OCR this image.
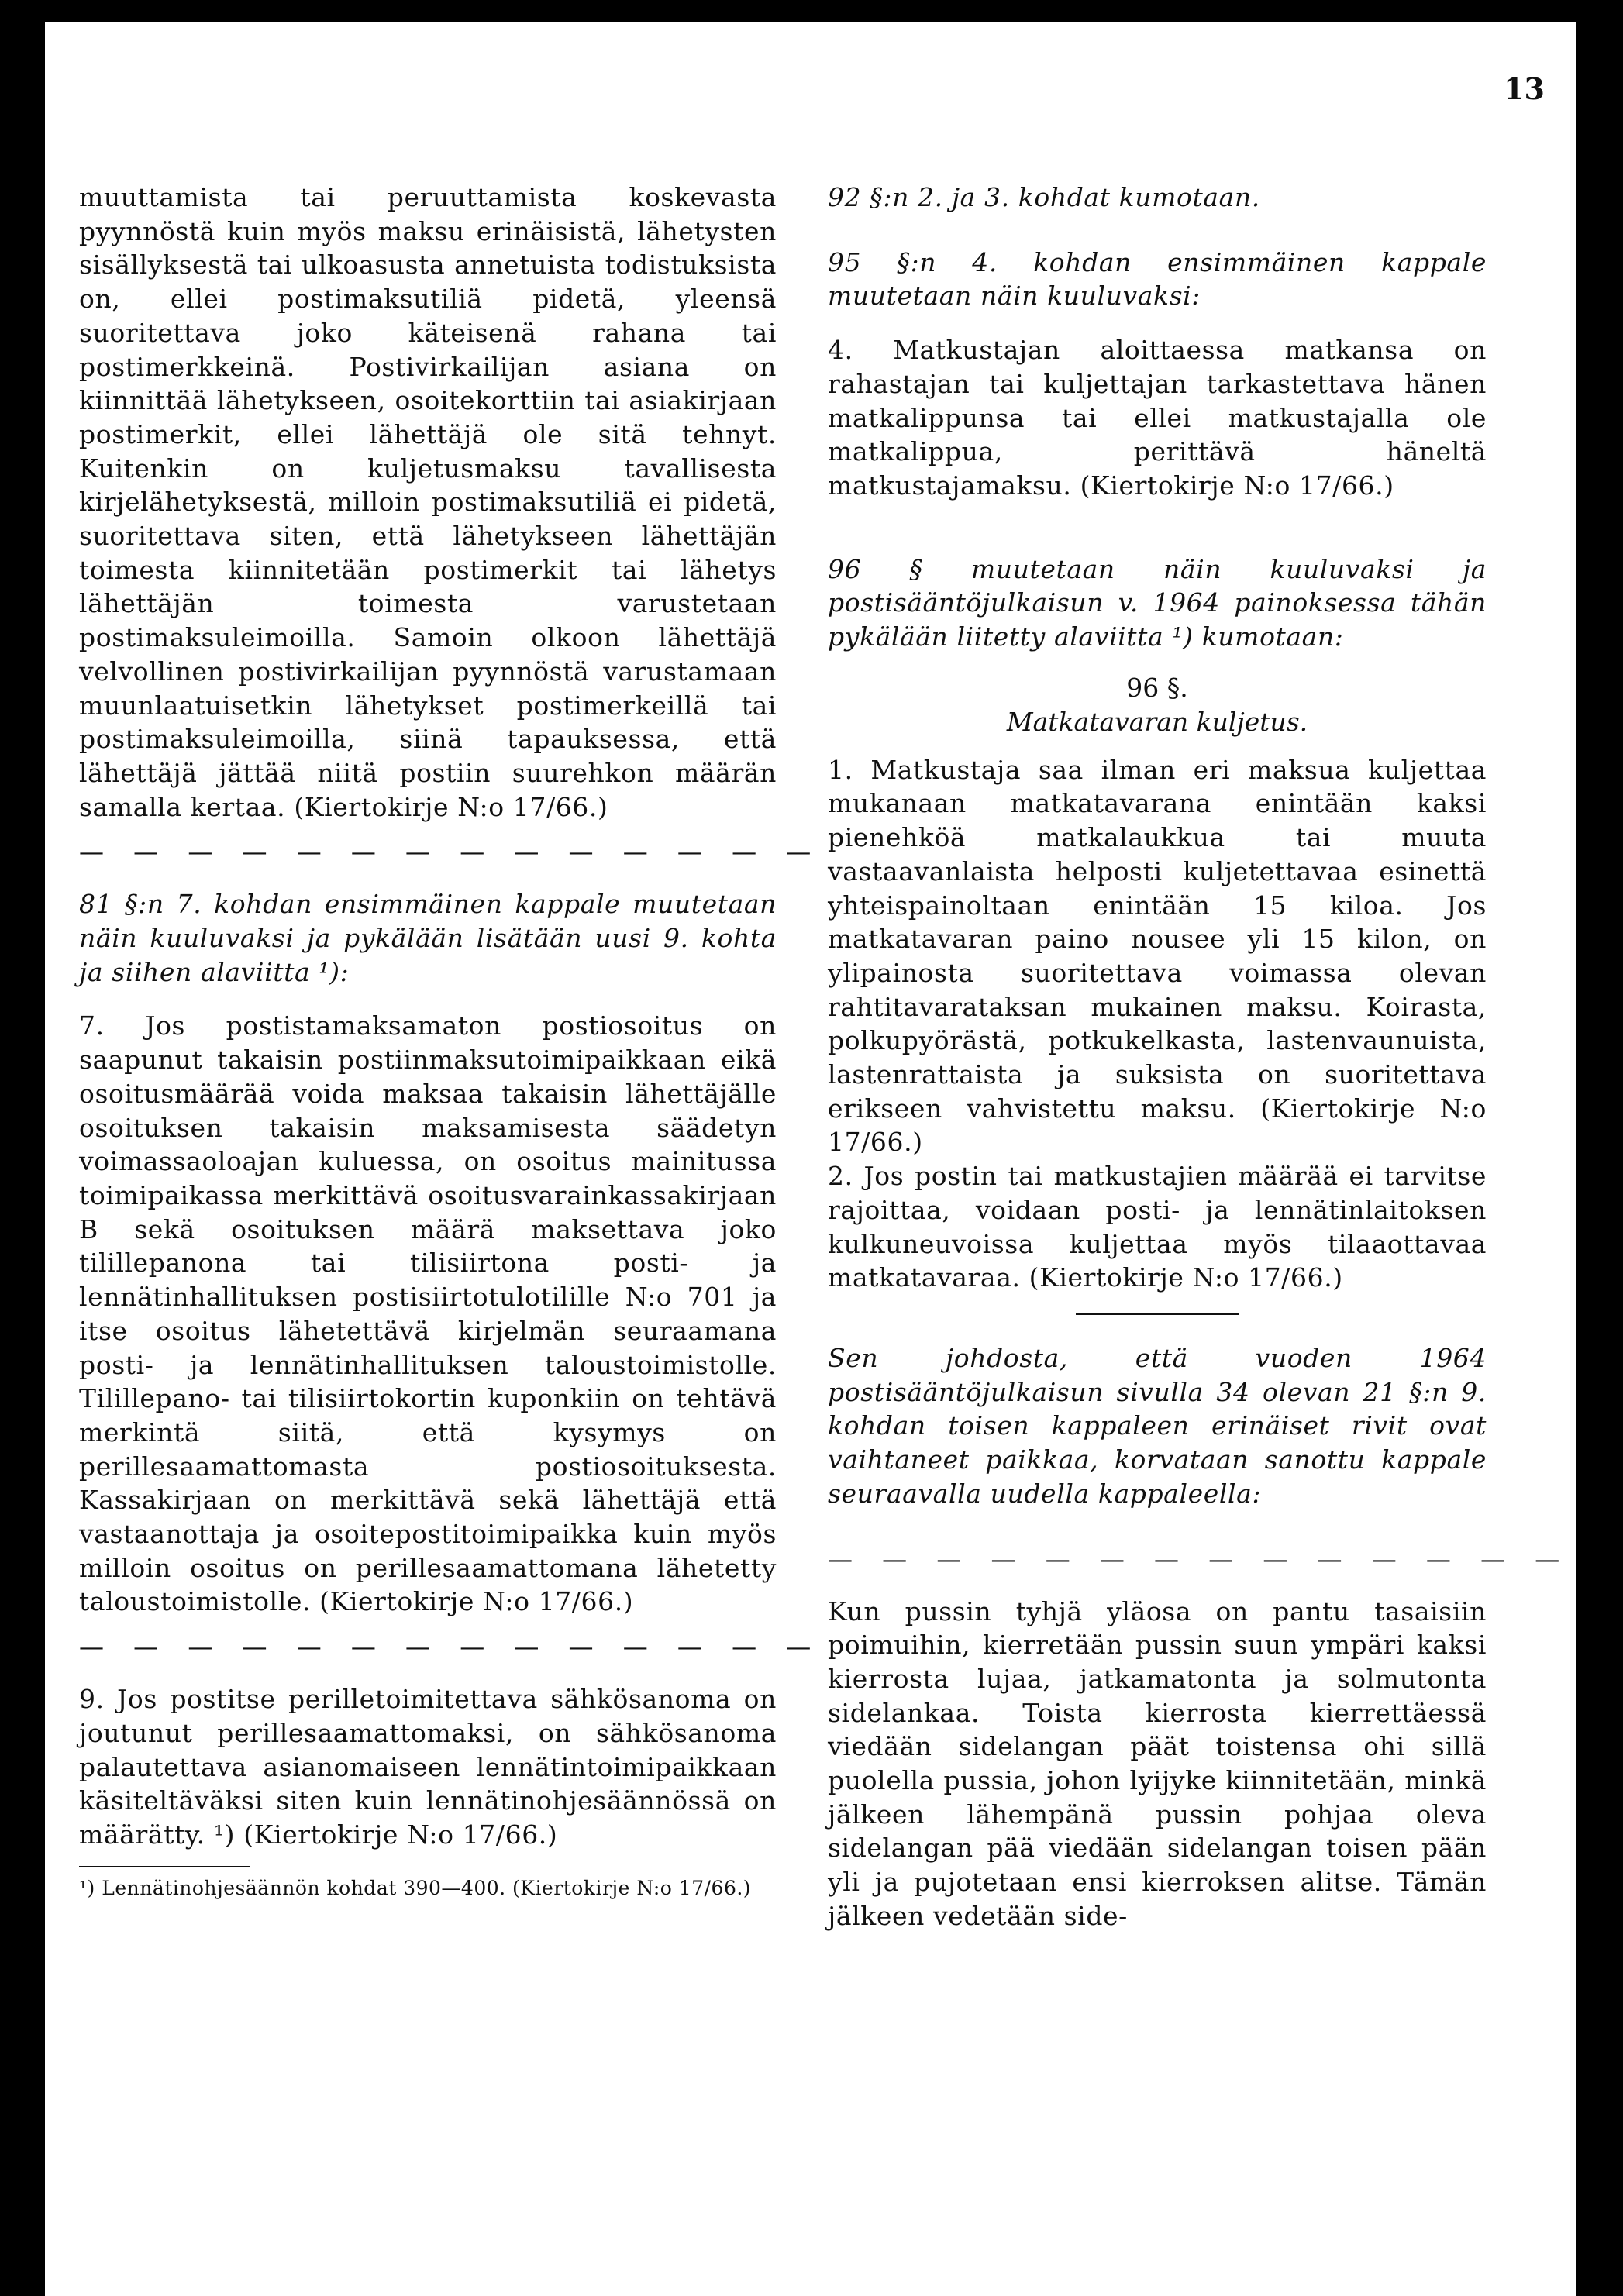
13

muuttamista tai peruuttamista koskevasta pyynnöstä kuin myös maksu erinäisistä, lähetysten sisällyksestä tai ulkoasusta annetuista todistuksista on, ellei postimaksutiliä pidetä, yleensä suoritettava joko käteisenä rahana tai postimerkkeinä. Postivirkailijan asiana on kiinnittää lähetykseen, osoitekorttiin tai asiakirjaan postimerkit, ellei lähettäjä ole sitä tehnyt. Kuitenkin on kuljetusmaksu tavallisesta kirjelähetyksestä, milloin postimaksutiliä ei pidetä, suoritettava siten, että lähetykseen lähettäjän toimesta kiinnitetään postimerkit tai lähetys lähettäjän toimesta varustetaan postimaksuleimoilla. Samoin olkoon lähettäjä velvollinen postivirkailijan pyynnöstä varustamaan muunlaatuisetkin lähetykset postimerkeillä tai postimaksuleimoilla, siinä tapauksessa, että lähettäjä jättää niitä postiin suurehkon määrän samalla kertaa. (Kiertokirje N:o 17/66.)

— — — — — — — — — — — — — —

81 §:n 7. kohdan ensimmäinen kappale muutetaan näin kuuluvaksi ja pykälään lisätään uusi 9. kohta ja siihen alaviitta ¹):

7. Jos postistamaksamaton postiosoitus on saapunut takaisin postiinmaksutoimipaikkaan eikä osoitusmäärää voida maksaa takaisin lähettäjälle osoituksen takaisin maksamisesta säädetyn voimassaoloajan kuluessa, on osoitus mainitussa toimipaikassa merkittävä osoitusvarainkassakirjaan B sekä osoituksen määrä maksettava joko tilillepanona tai tilisiirtona posti- ja lennätinhallituksen postisiirtotulotilille N:o 701 ja itse osoitus lähetettävä kirjelmän seuraamana posti- ja lennätinhallituksen taloustoimistolle. Tilillepano- tai tilisiirtokortin kuponkiin on tehtävä merkintä siitä, että kysymys on perillesaamattomasta postiosoituksesta. Kassakirjaan on merkittävä sekä lähettäjä että vastaanottaja ja osoitepostitoimipaikka kuin myös milloin osoitus on perillesaamattomana lähetetty taloustoimistolle. (Kiertokirje N:o 17/66.)

— — — — — — — — — — — — — —

9. Jos postitse perilletoimitettava sähkösanoma on joutunut perillesaamattomaksi, on sähkösanoma palautettava asianomaiseen lennätintoimipaikkaan käsiteltäväksi siten kuin lennätinohjesäännössä on määrätty. ¹) (Kiertokirje N:o 17/66.)

¹) Lennätinohjesäännön kohdat 390—400. (Kiertokirje N:o 17/66.)

92 §:n 2. ja 3. kohdat kumotaan.

95 §:n 4. kohdan ensimmäinen kappale muutetaan näin kuuluvaksi:

4. Matkustajan aloittaessa matkansa on rahastajan tai kuljettajan tarkastettava hänen matkalippunsa tai ellei matkustajalla ole matkalippua, perittävä häneltä matkustajamaksu. (Kiertokirje N:o 17/66.)

96 § muutetaan näin kuuluvaksi ja postisääntöjulkaisun v. 1964 painoksessa tähän pykälään liitetty alaviitta ¹) kumotaan:

96 §.

Matkatavaran kuljetus.

1. Matkustaja saa ilman eri maksua kuljettaa mukanaan matkatavarana enintään kaksi pienehköä matkalaukkua tai muuta vastaavanlaista helposti kuljetettavaa esinettä yhteispainoltaan enintään 15 kiloa. Jos matkatavaran paino nousee yli 15 kilon, on ylipainosta suoritettava voimassa olevan rahtitavarataksan mukainen maksu. Koirasta, polkupyörästä, potkukelkasta, lastenvaunuista, lastenrattaista ja suksista on suoritettava erikseen vahvistettu maksu. (Kiertokirje N:o 17/66.)

2. Jos postin tai matkustajien määrää ei tarvitse rajoittaa, voidaan posti- ja lennätinlaitoksen kulkuneuvoissa kuljettaa myös tilaaottavaa matkatavaraa. (Kiertokirje N:o 17/66.)

Sen johdosta, että vuoden 1964 postisääntöjulkaisun sivulla 34 olevan 21 §:n 9. kohdan toisen kappaleen erinäiset rivit ovat vaihtaneet paikkaa, korvataan sanottu kappale seuraavalla uudella kappaleella:

— — — — — — — — — — — — — —

Kun pussin tyhjä yläosa on pantu tasaisiin poimuihin, kierretään pussin suun ympäri kaksi kierrosta lujaa, jatkamatonta ja solmutonta sidelankaa. Toista kierrosta kierrettäessä viedään sidelangan päät toistensa ohi sillä puolella pussia, johon lyijyke kiinnitetään, minkä jälkeen lähempänä pussin pohjaa oleva sidelangan pää viedään sidelangan toisen pään yli ja pujotetaan ensi kierroksen alitse. Tämän jälkeen vedetään side-
